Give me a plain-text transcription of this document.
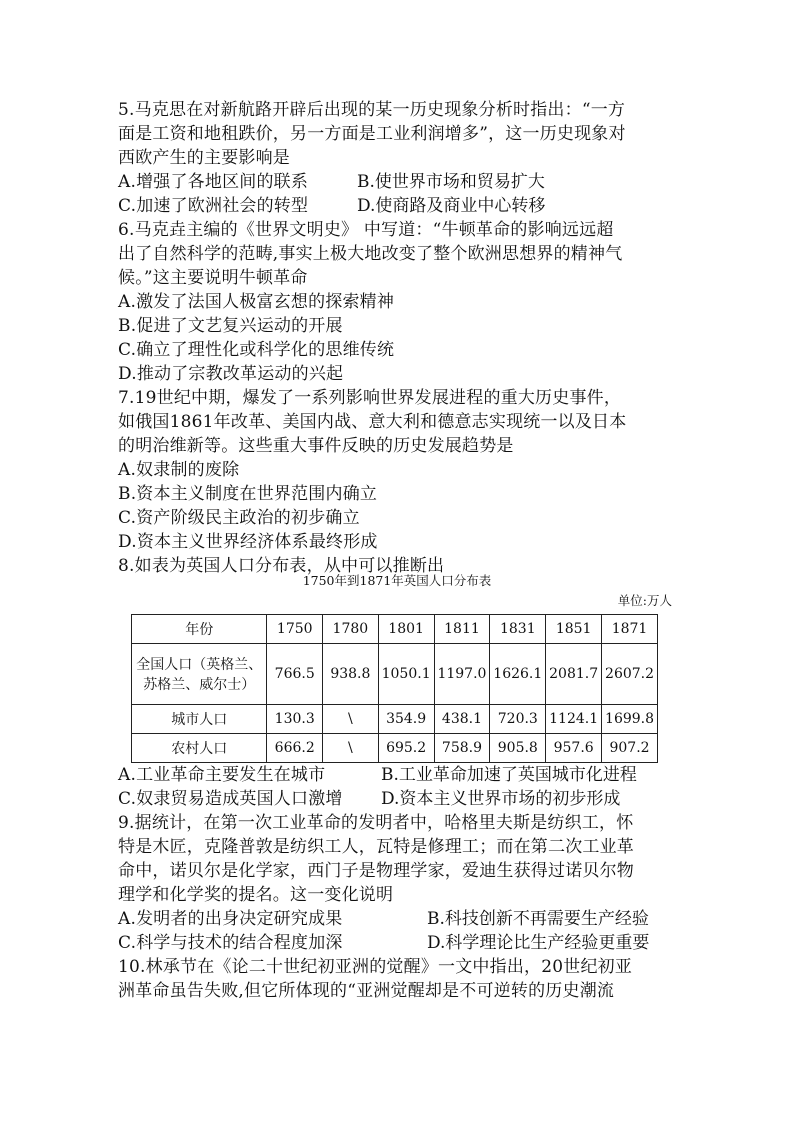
5.马克思在对新航路开辟后出现的某一历史现象分析时指出：“一方
面是工资和地租跌价，另一方面是工业利润增多”，这一历史现象对
西欧产生的主要影响是
A.增强了各地区间的联系	B.使世界市场和贸易扩大
C.加速了欧洲社会的转型	D.使商路及商业中心转移
6.马克垚主编的《世界文明史》 中写道：“牛顿革命的影响远远超
出了自然科学的范畴,事实上极大地改变了整个欧洲思想界的精神气
候。”这主要说明牛顿革命
A.激发了法国人极富玄想的探索精神
B.促进了文艺复兴运动的开展
C.确立了理性化或科学化的思维传统
D.推动了宗教改革运动的兴起
7.19世纪中期，爆发了一系列影响世界发展进程的重大历史事件，
如俄国1861年改革、美国内战、意大利和德意志实现统一以及日本
的明治维新等。这些重大事件反映的历史发展趋势是
A.奴隶制的废除
B.资本主义制度在世界范围内确立
C.资产阶级民主政治的初步确立
D.资本主义世界经济体系最终形成
8.如表为英国人口分布表，从中可以推断出
1750年到1871年英国人口分布表
单位:万人
年份	1750	1780	1801	1811	1831	1851	1871

全国人口（英格兰、
苏格兰、威尔士）	766.5	938.8	1050.1	1197.0	1626.1	2081.7	2607.2
城市人口	130.3	\	354.9	438.1	720.3	1124.1	1699.8
农村人口	666.2	\	695.2	758.9	905.8	957.6	907.2
A.工业革命主要发生在城市	B.工业革命加速了英国城市化进程
C.奴隶贸易造成英国人口激增 D.资本主义世界市场的初步形成
9.据统计，在第一次工业革命的发明者中，哈格里夫斯是纺织工，怀
特是木匠，克隆普敦是纺织工人，瓦特是修理工；而在第二次工业革
命中，诺贝尔是化学家，西门子是物理学家，爱迪生获得过诺贝尔物
理学和化学奖的提名。这一变化说明
A.发明者的出身决定研究成果	B.科技创新不再需要生产经验
C.科学与技术的结合程度加深	D.科学理论比生产经验更重要
10.林承节在《论二十世纪初亚洲的觉醒》一文中指出，20世纪初亚
洲革命虽告失败,但它所体现的“亚洲觉醒却是不可逆转的历史潮流
